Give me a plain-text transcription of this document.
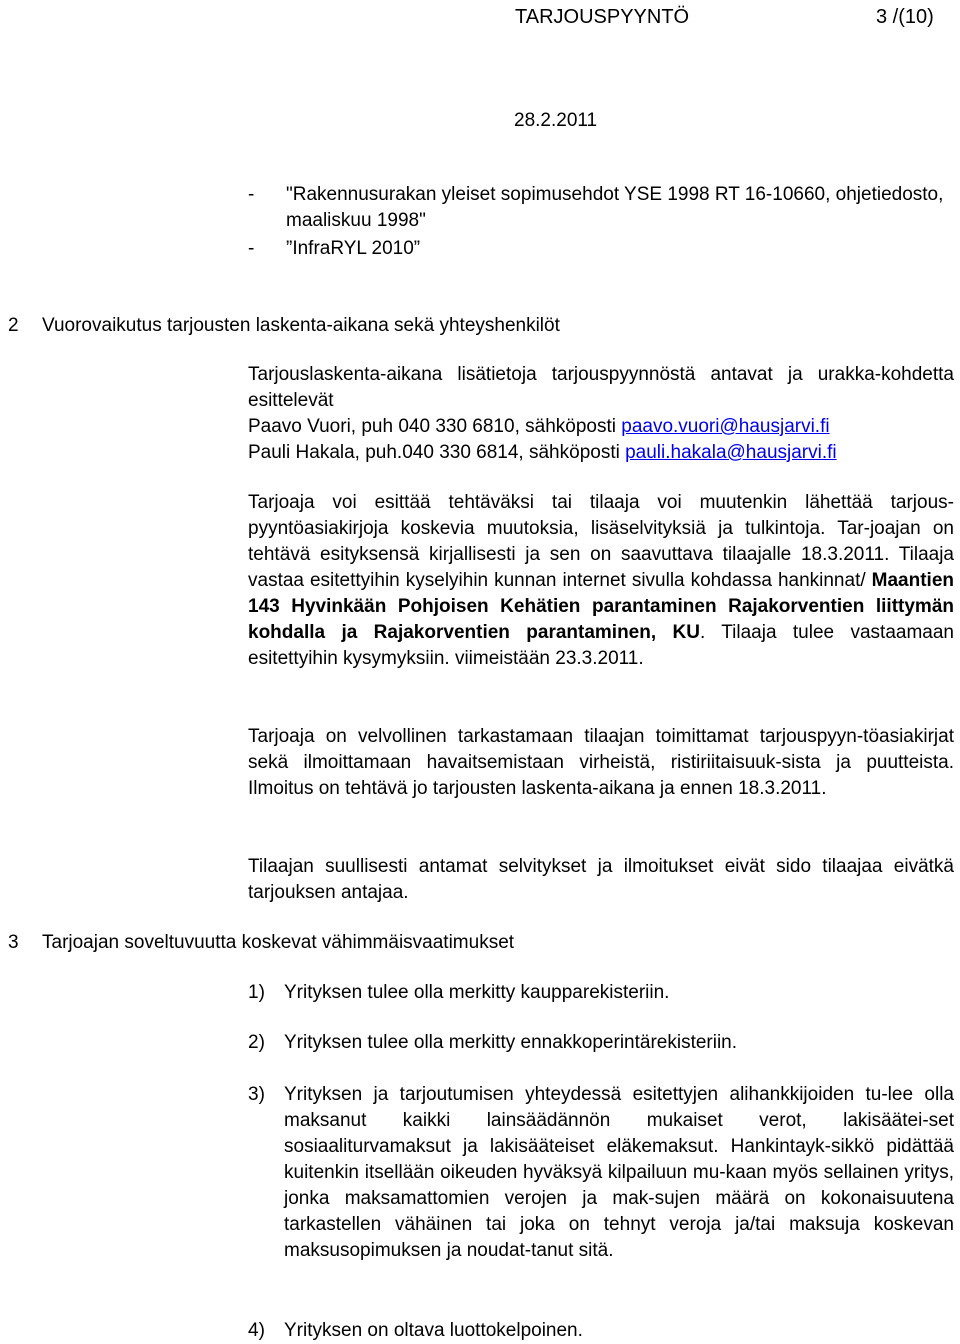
TARJOUSPYYNTÖ	3 /(10)
28.2.2011
- "Rakennusurakan yleiset sopimusehdot YSE 1998 RT 16-10660, ohjetiedosto, maaliskuu 1998"
- ”InfraRYL 2010”
2 Vuorovaikutus tarjousten laskenta-aikana sekä yhteyshenkilöt

Tarjouslaskenta-aikana lisätietoja tarjouspyynnöstä antavat ja urakka-kohdetta esittelevät

Paavo Vuori, puh 040 330 6810, sähköposti paavo.vuori@hausjarvi.fi

Pauli Hakala, puh.040 330 6814, sähköposti pauli.hakala@hausjarvi.fi

Tarjoaja voi esittää tehtäväksi tai tilaaja voi muutenkin lähettää tarjous-pyyntöasiakirjoja koskevia muutoksia, lisäselvityksiä ja tulkintoja. Tar-joajan on tehtävä esityksensä kirjallisesti ja sen on saavuttava tilaajalle 18.3.2011. Tilaaja vastaa esitettyihin kyselyihin kunnan internet sivulla kohdassa hankinnat/ Maantien 143 Hyvinkään Pohjoisen Kehätien parantaminen Rajakorventien liittymän kohdalla ja Rajakorventien parantaminen, KU. Tilaaja tulee vastaamaan esitettyihin kysymyksiin. viimeistään 23.3.2011.

Tarjoaja on velvollinen tarkastamaan tilaajan toimittamat tarjouspyyn-töasiakirjat sekä ilmoittamaan havaitsemistaan virheistä, ristiriitaisuuk-sista ja puutteista. Ilmoitus on tehtävä jo tarjousten laskenta-aikana ja ennen 18.3.2011.

Tilaajan suullisesti antamat selvitykset ja ilmoitukset eivät sido tilaajaa eivätkä tarjouksen antajaa.

3 Tarjoajan soveltuvuutta koskevat vähimmäisvaatimukset
1) Yrityksen tulee olla merkitty kaupparekisteriin.
2) Yrityksen tulee olla merkitty ennakkoperintärekisteriin.
3) Yrityksen ja tarjoutumisen yhteydessä esitettyjen alihankkijoiden tu-lee olla maksanut kaikki lainsäädännön mukaiset verot, lakisäätei-set sosiaaliturvamaksut ja lakisääteiset eläkemaksut. Hankintayk-sikkö pidättää kuitenkin itsellään oikeuden hyväksyä kilpailuun mu-kaan myös sellainen yritys, jonka maksamattomien verojen ja mak-sujen määrä on kokonaisuutena tarkastellen vähäinen tai joka on tehnyt veroja ja/tai maksuja koskevan maksusopimuksen ja noudat-tanut sitä.
4) Yrityksen on oltava luottokelpoinen.
